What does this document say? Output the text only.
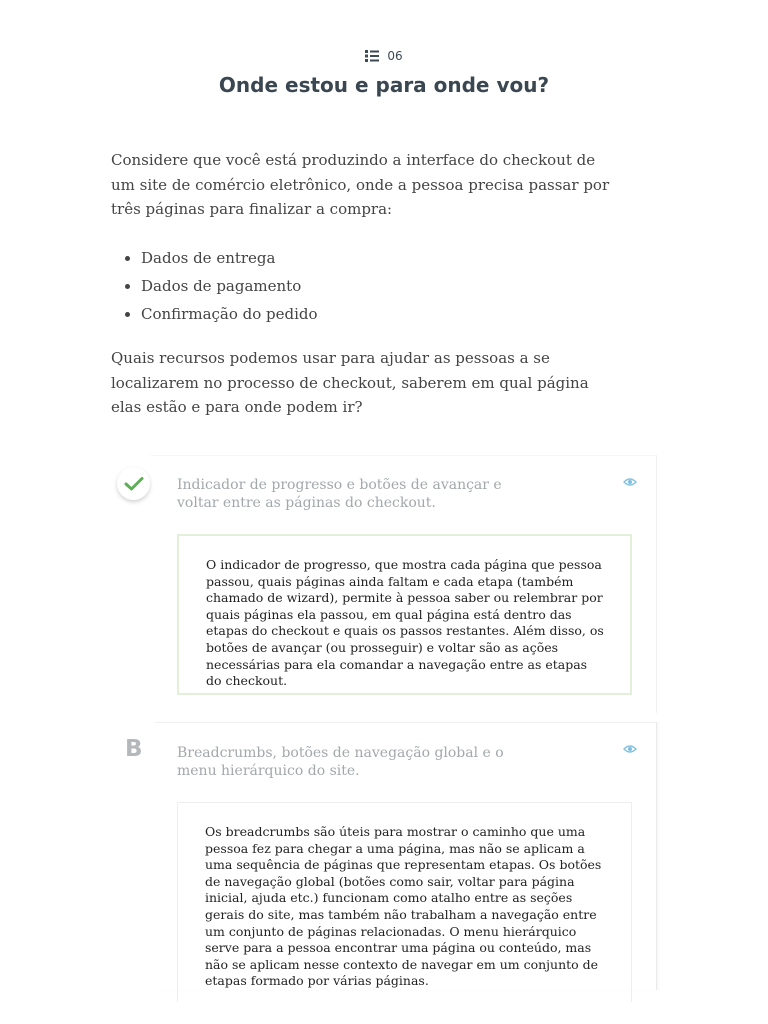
06
Onde estou e para onde vou?

Considere que você está produzindo a interface do checkout de um site de comércio eletrônico, onde a pessoa precisa passar por três páginas para finalizar a compra:

• Dados de entrega
• Dados de pagamento
• Confirmação do pedido

Quais recursos podemos usar para ajudar as pessoas a se localizarem no processo de checkout, saberem em qual página elas estão e para onde podem ir?

Indicador de progresso e botões de avançar e voltar entre as páginas do checkout.
O indicador de progresso, que mostra cada página que pessoa passou, quais páginas ainda faltam e cada etapa (também chamado de wizard), permite à pessoa saber ou relembrar por quais páginas ela passou, em qual página está dentro das etapas do checkout e quais os passos restantes. Além disso, os botões de avançar (ou prosseguir) e voltar são as ações necessárias para ela comandar a navegação entre as etapas do checkout.
B Breadcrumbs, botões de navegação global e o menu hierárquico do site.
Os breadcrumbs são úteis para mostrar o caminho que uma pessoa fez para chegar a uma página, mas não se aplicam a uma sequência de páginas que representam etapas. Os botões de navegação global (botões como sair, voltar para página inicial, ajuda etc.) funcionam como atalho entre as seções gerais do site, mas também não trabalham a navegação entre um conjunto de páginas relacionadas. O menu hierárquico serve para a pessoa encontrar uma página ou conteúdo, mas não se aplicam nesse contexto de navegar em um conjunto de etapas formado por várias páginas.
